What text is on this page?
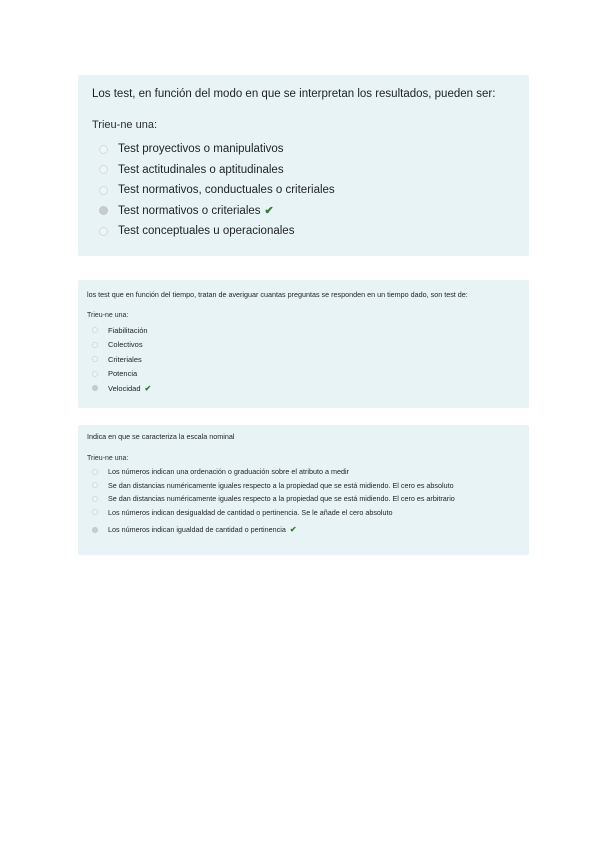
Los test, en función del modo en que se interpretan los resultados, pueden ser:

Trieu-ne una:
Test proyectivos o manipulativos
Test actitudinales o aptitudinales
Test normativos, conductuales o criteriales
Test normativos o criteriales ✔
Test conceptuales u operacionales

los test que en función del tiempo, tratan de averiguar cuantas preguntas se responden en un tiempo dado, son test de:

Trieu-ne una:
Fiabilitación
Colectivos
Criteriales
Potencia
Velocidad ✔

Indica en que se caracteriza la escala nominal

Trieu-ne una:
Los números indican una ordenación o graduación sobre el atributo a medir
Se dan distancias numéricamente iguales respecto a la propiedad que se está midiendo. El cero es absoluto
Se dan distancias numéricamente iguales respecto a la propiedad que se está midiendo. El cero es arbitrario
Los números indican desigualdad de cantidad o pertinencia. Se le añade el cero absoluto
Los números indican igualdad de cantidad o pertinencia ✔
